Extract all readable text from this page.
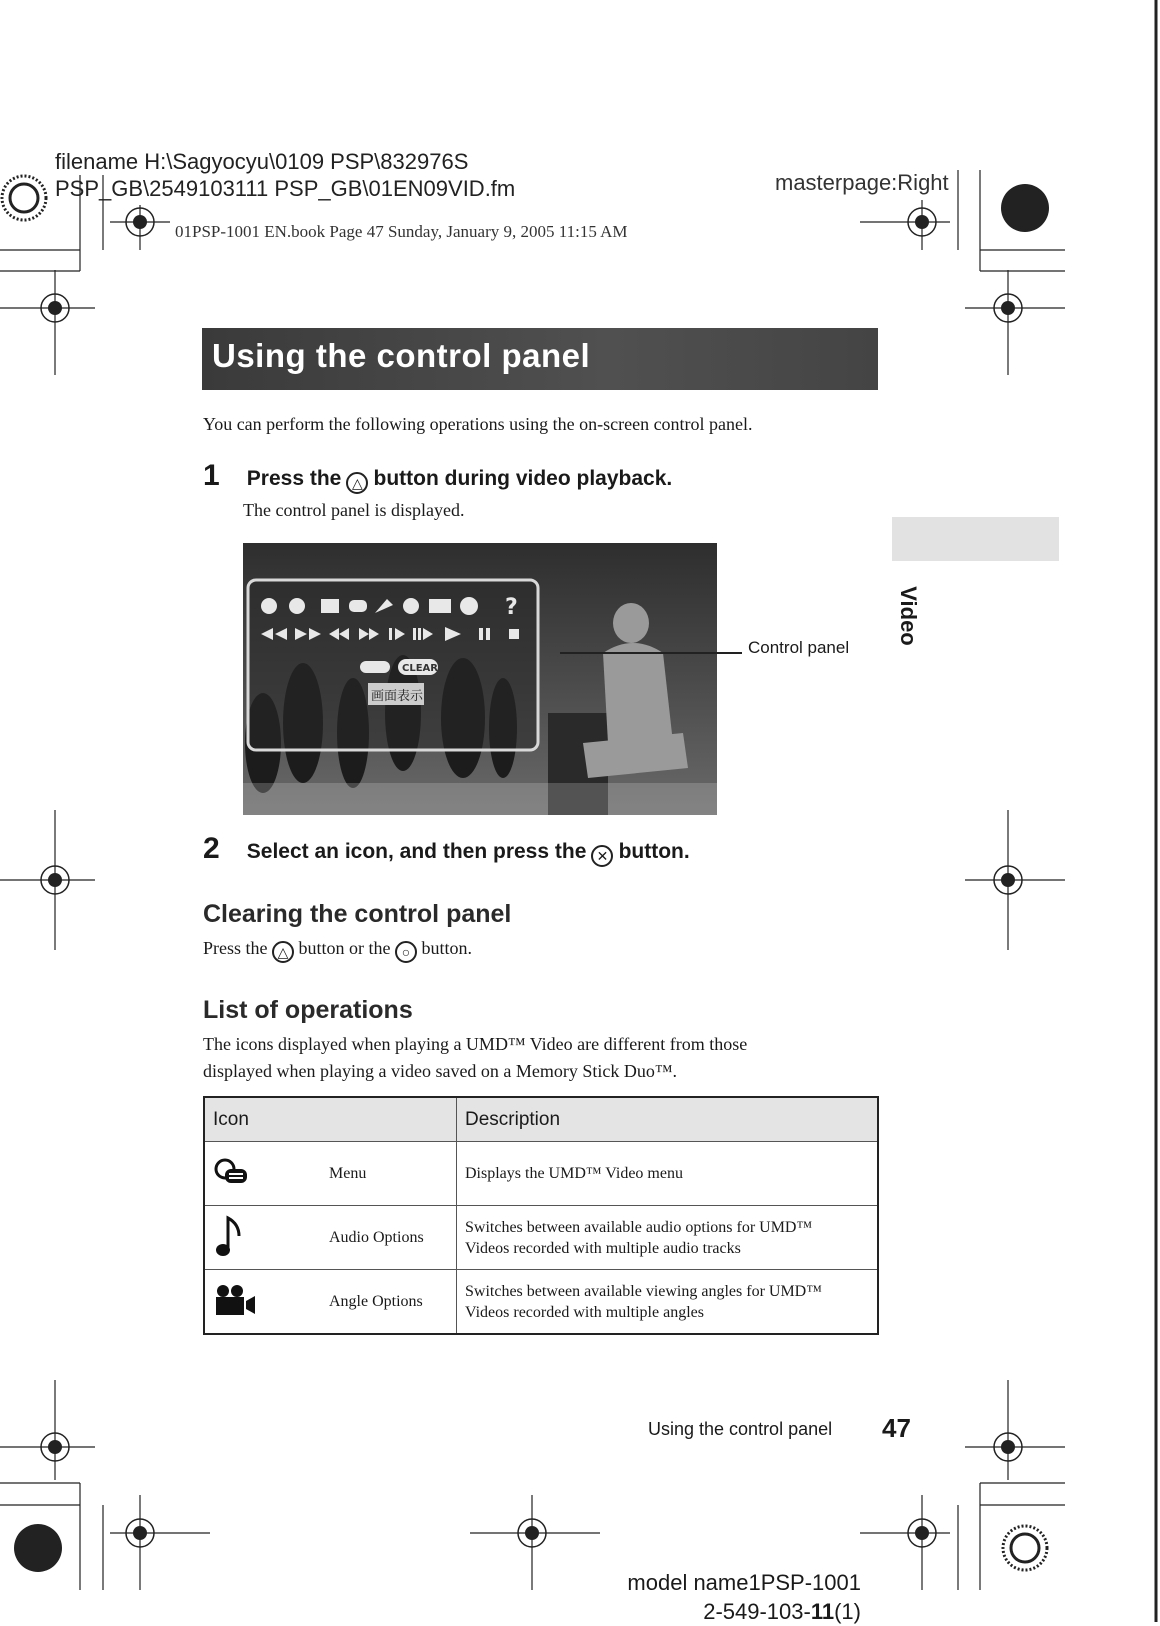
filename H:\Sagyocyu\0109 PSP\832976S
PSP_GB\2549103111 PSP_GB\01EN09VID.fm	masterpage:Right
01PSP-1001 EN.book Page 47 Sunday, January 9, 2005 11:15 AM
Using the control panel
You can perform the following operations using the on-screen control panel.
1 Press the △ button during video playback.
The control panel is displayed.
?
CLEAR
画面表示
Control panel
2 Select an icon, and then press the ✕ button.
Clearing the control panel
Press the △ button or the ○ button.
List of operations
The icons displayed when playing a UMD™ Video are different from those
displayed when playing a video saved on a Memory Stick Duo™.
Icon		Description
	Menu	Displays the UMD™ Video menu
	Audio Options	Switches between available audio options for UMD™
Videos recorded with multiple audio tracks

	Angle Options	Switches between available viewing angles for UMD™
Videos recorded with multiple angles
Video
Using the control panel 47
model name1PSP-1001
2-549-103-11(1)
